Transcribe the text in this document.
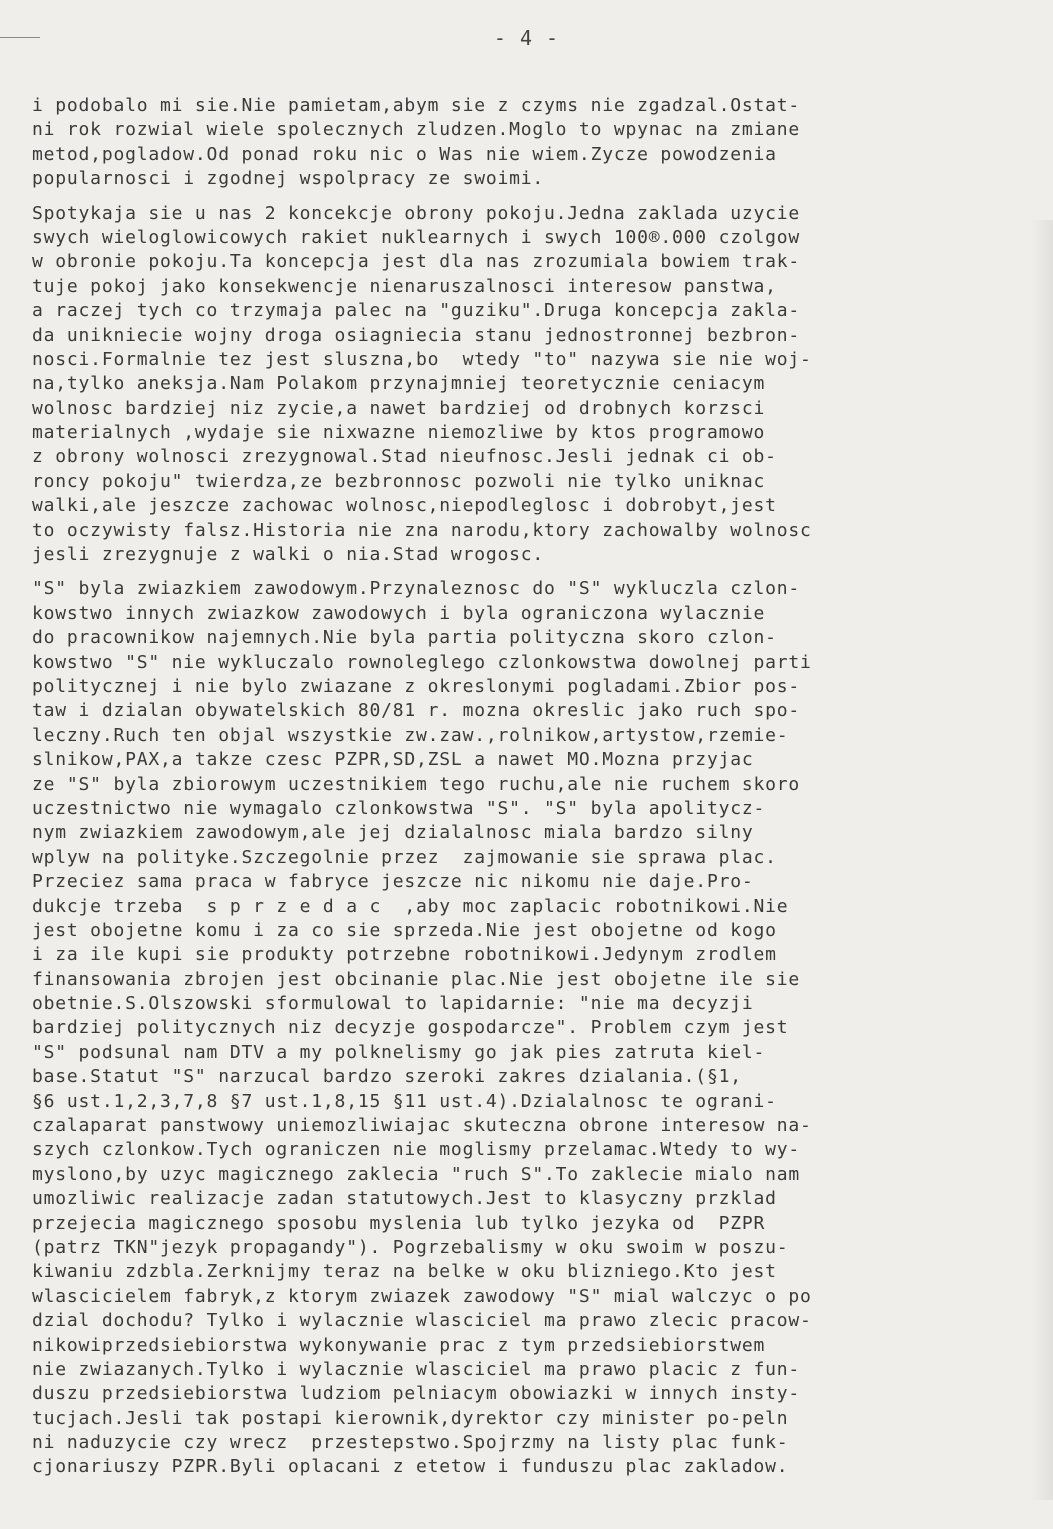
- 4 -
i podobalo mi sie.Nie pamietam,abym sie z czyms nie zgadzal.Ostat-
ni rok rozwial wiele spolecznych zludzen.Moglo to wpynac na zmiane
metod,pogladow.Od ponad roku nic o Was nie wiem.Zycze powodzenia
popularnosci i zgodnej wspolpracy ze swoimi.
Spotykaja sie u nas 2 koncekcje obrony pokoju.Jedna zaklada uzycie
swych wieloglowicowych rakiet nuklearnych i swych 100®.000 czolgow
w obronie pokoju.Ta koncepcja jest dla nas zrozumiala bowiem trak-
tuje pokoj jako konsekwencje nienaruszalnosci interesow panstwa,
a raczej tych co trzymaja palec na "guziku".Druga koncepcja zakla-
da unikniecie wojny droga osiagniecia stanu jednostronnej bezbron-
nosci.Formalnie tez jest sluszna,bo  wtedy "to" nazywa sie nie woj-
na,tylko aneksja.Nam Polakom przynajmniej teoretycznie ceniacym
wolnosc bardziej niz zycie,a nawet bardziej od drobnych korzsci
materialnych ,wydaje sie nixwazne niemozliwe by ktos programowo
z obrony wolnosci zrezygnowal.Stad nieufnosc.Jesli jednak ci ob-
roncy pokoju" twierdza,ze bezbronnosc pozwoli nie tylko uniknac
walki,ale jeszcze zachowac wolnosc,niepodleglosc i dobrobyt,jest
to oczywisty falsz.Historia nie zna narodu,ktory zachowalby wolnosc
jesli zrezygnuje z walki o nia.Stad wrogosc.
"S" byla zwiazkiem zawodowym.Przynaleznosc do "S" wykluczla czlon-
kowstwo innych zwiazkow zawodowych i byla ograniczona wylacznie
do pracownikow najemnych.Nie byla partia polityczna skoro czlon-
kowstwo "S" nie wykluczalo rownoleglego czlonkowstwa dowolnej parti
politycznej i nie bylo zwiazane z okreslonymi pogladami.Zbior pos-
taw i dzialan obywatelskich 80/81 r. mozna okreslic jako ruch spo-
leczny.Ruch ten objal wszystkie zw.zaw.,rolnikow,artystow,rzemie-
slnikow,PAX,a takze czesc PZPR,SD,ZSL a nawet MO.Mozna przyjac
ze "S" byla zbiorowym uczestnikiem tego ruchu,ale nie ruchem skoro
uczestnictwo nie wymagalo czlonkowstwa "S". "S" byla apolitycz-
nym zwiazkiem zawodowym,ale jej dzialalnosc miala bardzo silny
wplyw na polityke.Szczegolnie przez  zajmowanie sie sprawa plac.
Przeciez sama praca w fabryce jeszcze nic nikomu nie daje.Pro-
dukcje trzeba  s p r z e d a c  ,aby moc zaplacic robotnikowi.Nie
jest obojetne komu i za co sie sprzeda.Nie jest obojetne od kogo
i za ile kupi sie produkty potrzebne robotnikowi.Jedynym zrodlem
finansowania zbrojen jest obcinanie plac.Nie jest obojetne ile sie
obetnie.S.Olszowski sformulowal to lapidarnie: "nie ma decyzji
bardziej politycznych niz decyzje gospodarcze". Problem czym jest
"S" podsunal nam DTV a my polknelismy go jak pies zatruta kiel-
base.Statut "S" narzucal bardzo szeroki zakres dzialania.(§1,
§6 ust.1,2,3,7,8 §7 ust.1,8,15 §11 ust.4).Dzialalnosc te ograni-
czalaparat panstwowy uniemozliwiajac skuteczna obrone interesow na-
szych czlonkow.Tych ograniczen nie moglismy przelamac.Wtedy to wy-
myslono,by uzyc magicznego zaklecia "ruch S".To zaklecie mialo nam
umozliwic realizacje zadan statutowych.Jest to klasyczny przklad
przejecia magicznego sposobu myslenia lub tylko jezyka od  PZPR
(patrz TKN"jezyk propagandy"). Pogrzebalismy w oku swoim w poszu-
kiwaniu zdzbla.Zerknijmy teraz na belke w oku blizniego.Kto jest
wlascicielem fabryk,z ktorym zwiazek zawodowy "S" mial walczyc o po
dzial dochodu? Tylko i wylacznie wlasciciel ma prawo zlecic pracow-
nikowiprzedsiebiorstwa wykonywanie prac z tym przedsiebiorstwem
nie zwiazanych.Tylko i wylacznie wlasciciel ma prawo placic z fun-
duszu przedsiebiorstwa ludziom pelniacym obowiazki w innych insty-
tucjach.Jesli tak postapi kierownik,dyrektor czy minister po-peln
ni naduzycie czy wrecz  przestepstwo.Spojrzmy na listy plac funk-
cjonariuszy PZPR.Byli oplacani z etetow i funduszu plac zakladow.
